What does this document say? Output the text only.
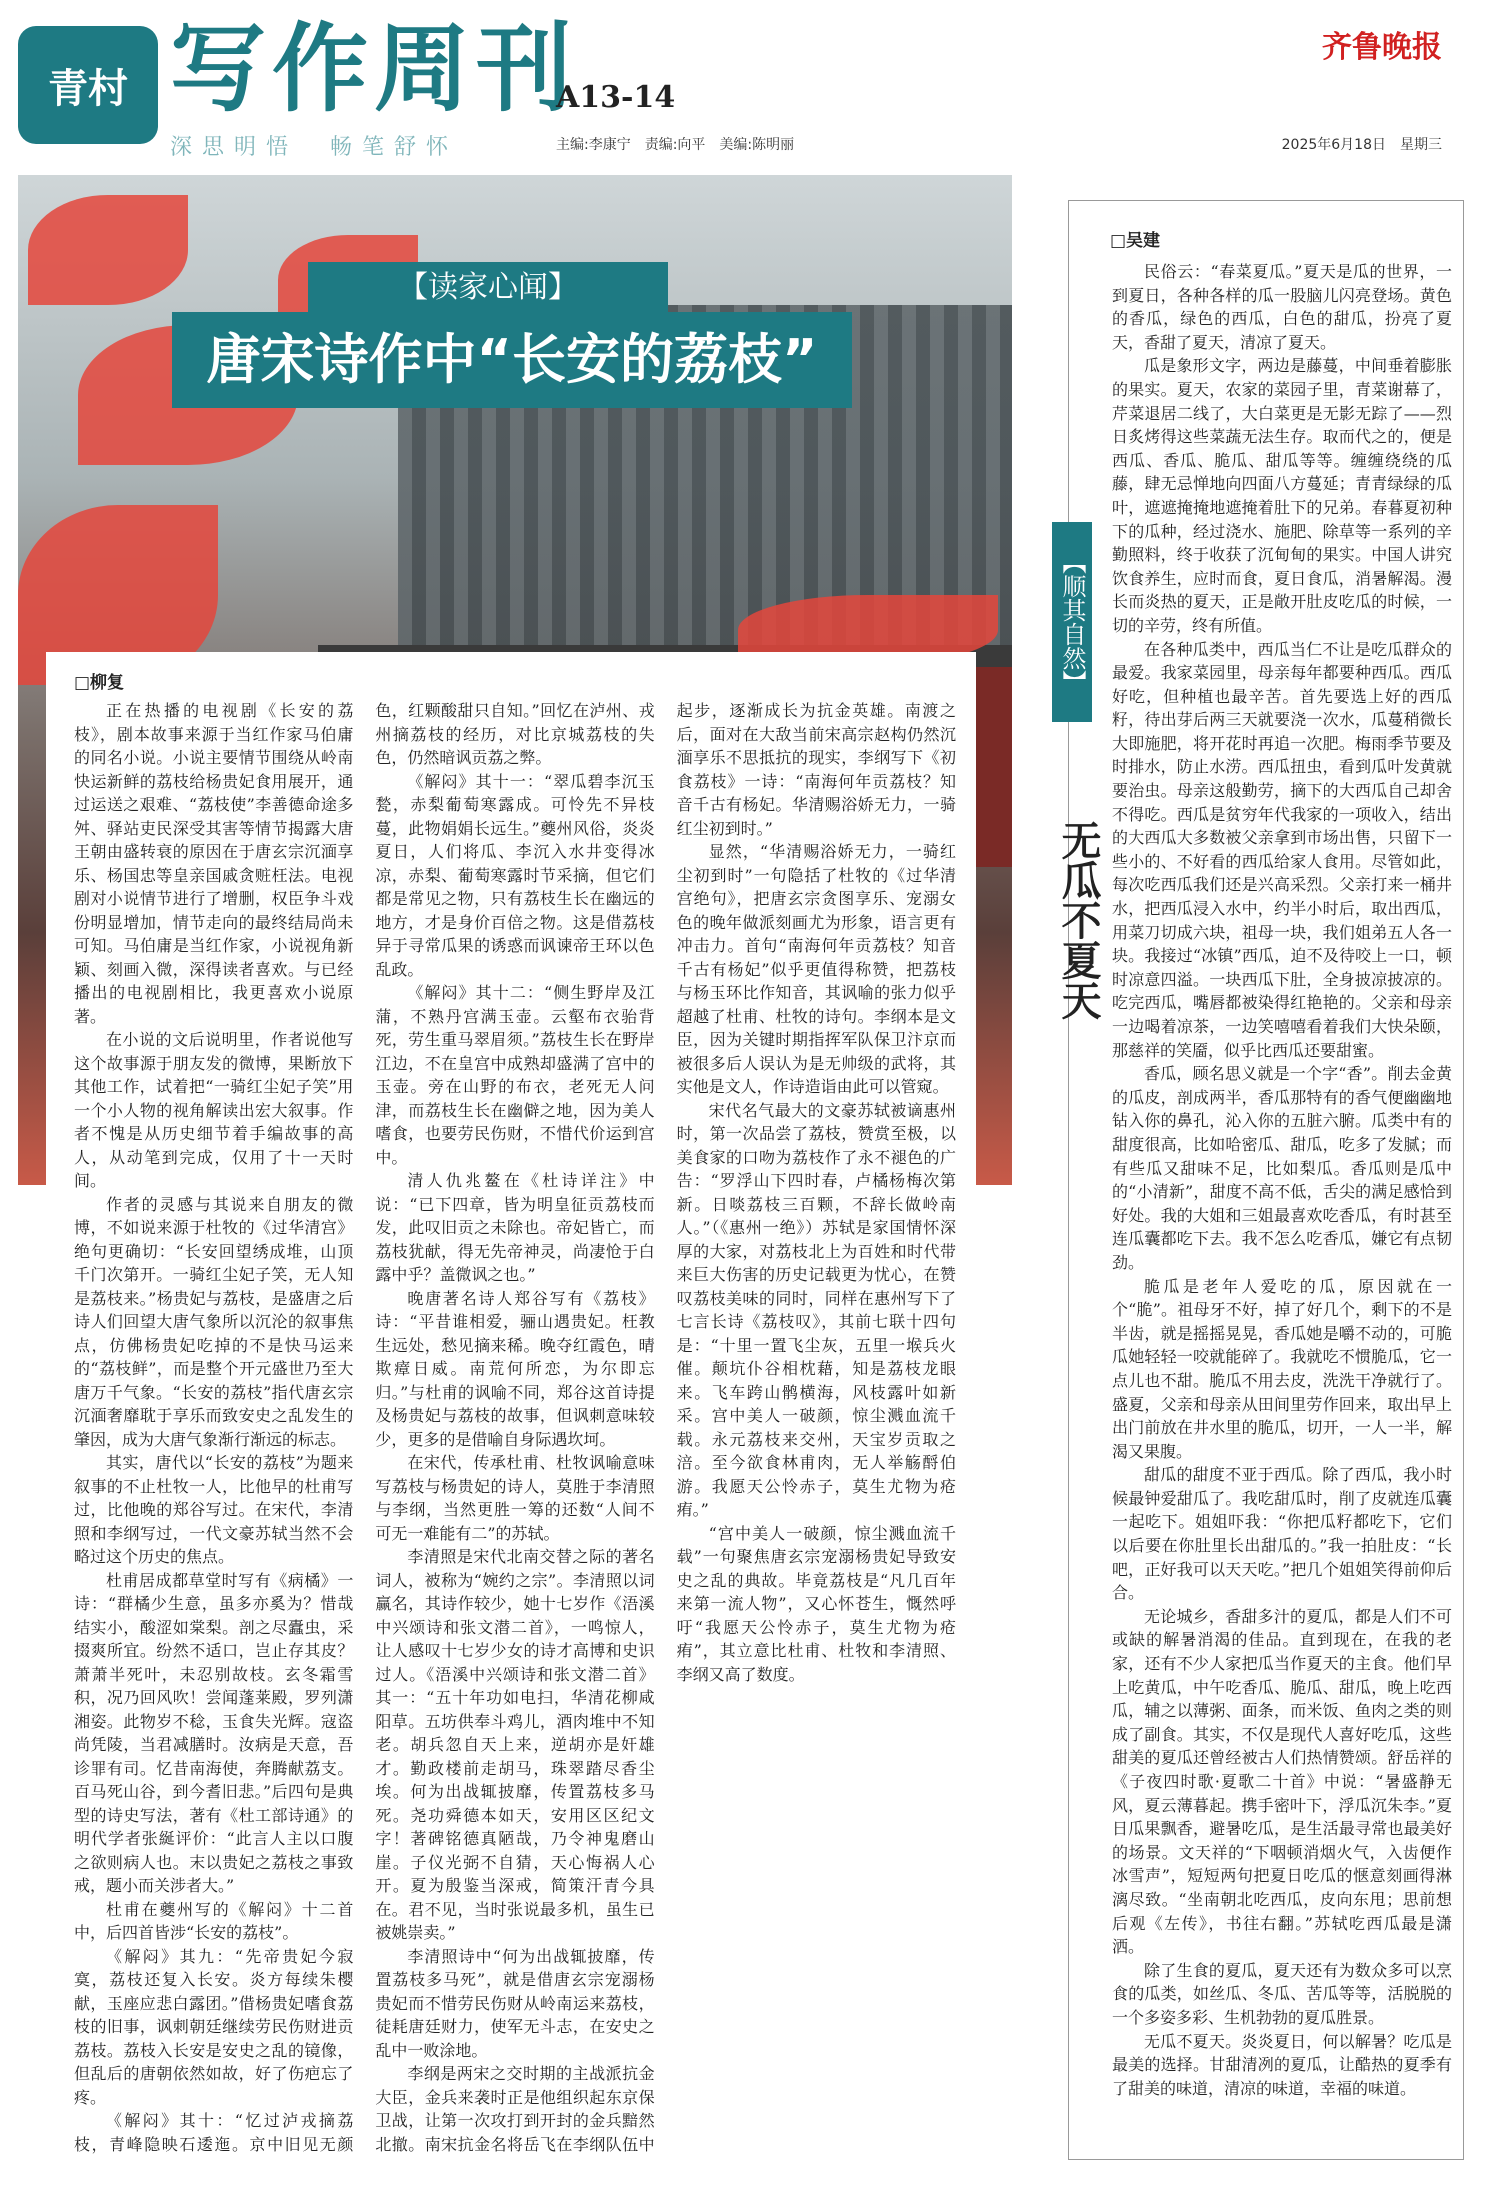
青村 写作周刊
A13-14
深思明悟　畅笔舒怀	主编:李康宁　责编:向平　美编:陈明丽
齐鲁晚报
2025年6月18日　星期三
【读家心闻】
唐宋诗作中“长安的荔枝”
□柳复

正在热播的电视剧《长安的荔枝》，剧本故事来源于当红作家马伯庸的同名小说。小说主要情节围绕从岭南快运新鲜的荔枝给杨贵妃食用展开，通过运送之艰难、“荔枝使”李善德命途多舛、驿站吏民深受其害等情节揭露大唐王朝由盛转衰的原因在于唐玄宗沉湎享乐、杨国忠等皇亲国戚贪赃枉法。电视剧对小说情节进行了增删，权臣争斗戏份明显增加，情节走向的最终结局尚未可知。马伯庸是当红作家，小说视角新颖、刻画入微，深得读者喜欢。与已经播出的电视剧相比，我更喜欢小说原著。

在小说的文后说明里，作者说他写这个故事源于朋友发的微博，果断放下其他工作，试着把“一骑红尘妃子笑”用一个小人物的视角解读出宏大叙事。作者不愧是从历史细节着手编故事的高人，从动笔到完成，仅用了十一天时间。

作者的灵感与其说来自朋友的微博，不如说来源于杜牧的《过华清宫》绝句更确切：“长安回望绣成堆，山顶千门次第开。一骑红尘妃子笑，无人知是荔枝来。”杨贵妃与荔枝，是盛唐之后诗人们回望大唐气象所以沉沦的叙事焦点，仿佛杨贵妃吃掉的不是快马运来的“荔枝鲜”，而是整个开元盛世乃至大唐万千气象。“长安的荔枝”指代唐玄宗沉湎奢靡耽于享乐而致安史之乱发生的肇因，成为大唐气象渐行渐远的标志。

其实，唐代以“长安的荔枝”为题来叙事的不止杜牧一人，比他早的杜甫写过，比他晚的郑谷写过。在宋代，李清照和李纲写过，一代文豪苏轼当然不会略过这个历史的焦点。

杜甫居成都草堂时写有《病橘》一诗：“群橘少生意，虽多亦奚为？惜哉结实小，酸涩如棠梨。剖之尽蠹虫，采掇爽所宜。纷然不适口，岂止存其皮？萧萧半死叶，未忍别故枝。玄冬霜雪积，况乃回风吹！尝闻蓬莱殿，罗列潇湘姿。此物岁不稔，玉食失光辉。寇盗尚凭陵，当君减膳时。汝病是天意，吾诊罪有司。忆昔南海使，奔腾献荔支。百马死山谷，到今耆旧悲。”后四句是典型的诗史写法，著有《杜工部诗通》的明代学者张綖评价：“此言人主以口腹之欲则病人也。末以贵妃之荔枝之事致戒，题小而关涉者大。”

杜甫在夔州写的《解闷》十二首中，后四首皆涉“长安的荔枝”。

《解闷》其九：“先帝贵妃今寂寞，荔枝还复入长安。炎方每续朱樱献，玉座应悲白露团。”借杨贵妃嗜食荔枝的旧事，讽刺朝廷继续劳民伤财进贡荔枝。荔枝入长安是安史之乱的镜像，但乱后的唐朝依然如故，好了伤疤忘了疼。

《解闷》其十：“忆过泸戎摘荔枝，青峰隐映石逶迤。京中旧见无颜色，红颗酸甜只自知。”回忆在泸州、戎州摘荔枝的经历，对比京城荔枝的失色，仍然暗讽贡荔之弊。

《解闷》其十一：“翠瓜碧李沉玉甃，赤梨葡萄寒露成。可怜先不异枝蔓，此物娟娟长远生。”夔州风俗，炎炎夏日，人们将瓜、李沉入水井变得冰凉，赤梨、葡萄寒露时节采摘，但它们都是常见之物，只有荔枝生长在幽远的地方，才是身价百倍之物。这是借荔枝异于寻常瓜果的诱惑而讽谏帝王环以色乱政。

《解闷》其十二：“侧生野岸及江蒲，不熟丹宫满玉壶。云壑布衣骀背死，劳生重马翠眉须。”荔枝生长在野岸江边，不在皇宫中成熟却盛满了宫中的玉壶。旁在山野的布衣，老死无人问津，而荔枝生长在幽僻之地，因为美人嗜食，也要劳民伤财，不惜代价运到宫中。

清人仇兆鳌在《杜诗详注》中说：“已下四章，皆为明皇征贡荔枝而发，此叹旧贡之未除也。帝妃皆亡，而荔枝犹献，得无先帝神灵，尚凄怆于白露中乎？盖微讽之也。”

晚唐著名诗人郑谷写有《荔枝》诗：“平昔谁相爱，骊山遇贵妃。枉教生远处，愁见摘来稀。晚夺红霞色，晴欺瘴日威。南荒何所恋，为尔即忘归。”与杜甫的讽喻不同，郑谷这首诗提及杨贵妃与荔枝的故事，但讽刺意味较少，更多的是借喻自身际遇坎坷。

在宋代，传承杜甫、杜牧讽喻意味写荔枝与杨贵妃的诗人，莫胜于李清照与李纲，当然更胜一筹的还数“人间不可无一难能有二”的苏轼。

李清照是宋代北南交替之际的著名词人，被称为“婉约之宗”。李清照以词赢名，其诗作较少，她十七岁作《浯溪中兴颂诗和张文潜二首》，一鸣惊人，让人感叹十七岁少女的诗才高博和史识过人。《浯溪中兴颂诗和张文潜二首》其一：“五十年功如电扫，华清花柳咸阳草。五坊供奉斗鸡儿，酒肉堆中不知老。胡兵忽自天上来，逆胡亦是奸雄才。勤政楼前走胡马，珠翠踏尽香尘埃。何为出战辄披靡，传置荔枝多马死。尧功舜德本如天，安用区区纪文字！著碑铭德真陋哉，乃令神鬼磨山崖。子仪光弼不自猜，天心悔祸人心开。夏为殷鉴当深戒，简策汗青今具在。君不见，当时张说最多机，虽生已被姚崇卖。”

李清照诗中“何为出战辄披靡，传置荔枝多马死”，就是借唐玄宗宠溺杨贵妃而不惜劳民伤财从岭南运来荔枝，徒耗唐廷财力，使军无斗志，在安史之乱中一败涂地。

李纲是两宋之交时期的主战派抗金大臣，金兵来袭时正是他组织起东京保卫战，让第一次攻打到开封的金兵黯然北撤。南宋抗金名将岳飞在李纲队伍中起步，逐渐成长为抗金英雄。南渡之后，面对在大敌当前宋高宗赵构仍然沉湎享乐不思抵抗的现实，李纲写下《初食荔枝》一诗：“南海何年贡荔枝？知音千古有杨妃。华清赐浴娇无力，一骑红尘初到时。”

显然，“华清赐浴娇无力，一骑红尘初到时”一句隐括了杜牧的《过华清宫绝句》，把唐玄宗贪图享乐、宠溺女色的晚年做派刻画尤为形象，语言更有冲击力。首句“南海何年贡荔枝？知音千古有杨妃”似乎更值得称赞，把荔枝与杨玉环比作知音，其讽喻的张力似乎超越了杜甫、杜牧的诗句。李纲本是文臣，因为关键时期指挥军队保卫汴京而被很多后人误认为是无帅级的武将，其实他是文人，作诗造诣由此可以管窥。

宋代名气最大的文豪苏轼被谪惠州时，第一次品尝了荔枝，赞赏至极，以美食家的口吻为荔枝作了永不褪色的广告：“罗浮山下四时春，卢橘杨梅次第新。日啖荔枝三百颗，不辞长做岭南人。”（《惠州一绝》）苏轼是家国情怀深厚的大家，对荔枝北上为百姓和时代带来巨大伤害的历史记载更为忧心，在赞叹荔枝美味的同时，同样在惠州写下了七言长诗《荔枝叹》，其前七联十四句是：“十里一置飞尘灰，五里一堠兵火催。颠坑仆谷相枕藉，知是荔枝龙眼来。飞车跨山鹘横海，风枝露叶如新采。宫中美人一破颜，惊尘溅血流千载。永元荔枝来交州，天宝岁贡取之涪。至今欲食林甫肉，无人举觞酹伯游。我愿天公怜赤子，莫生尤物为疮痏。”

“宫中美人一破颜，惊尘溅血流千载”一句聚焦唐玄宗宠溺杨贵妃导致安史之乱的典故。毕竟荔枝是“凡几百年来第一流人物”，又心怀苍生，慨然呼吁“我愿天公怜赤子，莫生尤物为疮痏”，其立意比杜甫、杜牧和李清照、李纲又高了数度。

□吴建
【顺其自然】
无瓜不夏天

民俗云：“春菜夏瓜。”夏天是瓜的世界，一到夏日，各种各样的瓜一股脑儿闪亮登场。黄色的香瓜，绿色的西瓜，白色的甜瓜，扮亮了夏天，香甜了夏天，清凉了夏天。

瓜是象形文字，两边是藤蔓，中间垂着膨胀的果实。夏天，农家的菜园子里，青菜谢幕了，芹菜退居二线了，大白菜更是无影无踪了——烈日炙烤得这些菜蔬无法生存。取而代之的，便是西瓜、香瓜、脆瓜、甜瓜等等。缠缠绕绕的瓜藤，肆无忌惮地向四面八方蔓延；青青绿绿的瓜叶，遮遮掩掩地遮掩着肚下的兄弟。春暮夏初种下的瓜种，经过浇水、施肥、除草等一系列的辛勤照料，终于收获了沉甸甸的果实。中国人讲究饮食养生，应时而食，夏日食瓜，消暑解渴。漫长而炎热的夏天，正是敞开肚皮吃瓜的时候，一切的辛劳，终有所值。

在各种瓜类中，西瓜当仁不让是吃瓜群众的最爱。我家菜园里，母亲每年都要种西瓜。西瓜好吃，但种植也最辛苦。首先要选上好的西瓜籽，待出芽后两三天就要浇一次水，瓜蔓稍微长大即施肥，将开花时再追一次肥。梅雨季节要及时排水，防止水涝。西瓜扭虫，看到瓜叶发黄就要治虫。母亲这般勤劳，摘下的大西瓜自己却舍不得吃。西瓜是贫穷年代我家的一项收入，结出的大西瓜大多数被父亲拿到市场出售，只留下一些小的、不好看的西瓜给家人食用。尽管如此，每次吃西瓜我们还是兴高采烈。父亲打来一桶井水，把西瓜浸入水中，约半小时后，取出西瓜，用菜刀切成六块，祖母一块，我们姐弟五人各一块。我接过“冰镇”西瓜，迫不及待咬上一口，顿时凉意四溢。一块西瓜下肚，全身披凉披凉的。吃完西瓜，嘴唇都被染得红艳艳的。父亲和母亲一边喝着凉茶，一边笑嘻嘻看着我们大快朵颐，那慈祥的笑靥，似乎比西瓜还要甜蜜。

香瓜，顾名思义就是一个字“香”。削去金黄的瓜皮，剖成两半，香瓜那特有的香气便幽幽地钻入你的鼻孔，沁入你的五脏六腑。瓜类中有的甜度很高，比如哈密瓜、甜瓜，吃多了发腻；而有些瓜又甜味不足，比如梨瓜。香瓜则是瓜中的“小清新”，甜度不高不低，舌尖的满足感恰到好处。我的大姐和三姐最喜欢吃香瓜，有时甚至连瓜囊都吃下去。我不怎么吃香瓜，嫌它有点韧劲。

脆瓜是老年人爱吃的瓜，原因就在一个“脆”。祖母牙不好，掉了好几个，剩下的不是半齿，就是摇摇晃晃，香瓜她是嚼不动的，可脆瓜她轻轻一咬就能碎了。我就吃不惯脆瓜，它一点儿也不甜。脆瓜不用去皮，洗洗干净就行了。盛夏，父亲和母亲从田间里劳作回来，取出早上出门前放在井水里的脆瓜，切开，一人一半，解渴又果腹。

甜瓜的甜度不亚于西瓜。除了西瓜，我小时候最钟爱甜瓜了。我吃甜瓜时，削了皮就连瓜囊一起吃下。姐姐吓我：“你把瓜籽都吃下，它们以后要在你肚里长出甜瓜的。”我一拍肚皮：“长吧，正好我可以天天吃。”把几个姐姐笑得前仰后合。

无论城乡，香甜多汁的夏瓜，都是人们不可或缺的解暑消渴的佳品。直到现在，在我的老家，还有不少人家把瓜当作夏天的主食。他们早上吃黄瓜，中午吃香瓜、脆瓜、甜瓜，晚上吃西瓜，辅之以薄粥、面条，而米饭、鱼肉之类的则成了副食。其实，不仅是现代人喜好吃瓜，这些甜美的夏瓜还曾经被古人们热情赞颂。舒岳祥的《子夜四时歌·夏歌二十首》中说：“暑盛静无风，夏云薄暮起。携手密叶下，浮瓜沉朱李。”夏日瓜果飘香，避暑吃瓜，是生活最寻常也最美好的场景。文天祥的“下咽顿消烟火气，入齿便作冰雪声”，短短两句把夏日吃瓜的惬意刻画得淋漓尽致。“坐南朝北吃西瓜，皮向东甩；思前想后观《左传》，书往右翻。”苏轼吃西瓜最是潇洒。

除了生食的夏瓜，夏天还有为数众多可以烹食的瓜类，如丝瓜、冬瓜、苦瓜等等，活脱脱的一个多姿多彩、生机勃勃的夏瓜胜景。

无瓜不夏天。炎炎夏日，何以解暑？吃瓜是最美的选择。甘甜清冽的夏瓜，让酷热的夏季有了甜美的味道，清凉的味道，幸福的味道。
